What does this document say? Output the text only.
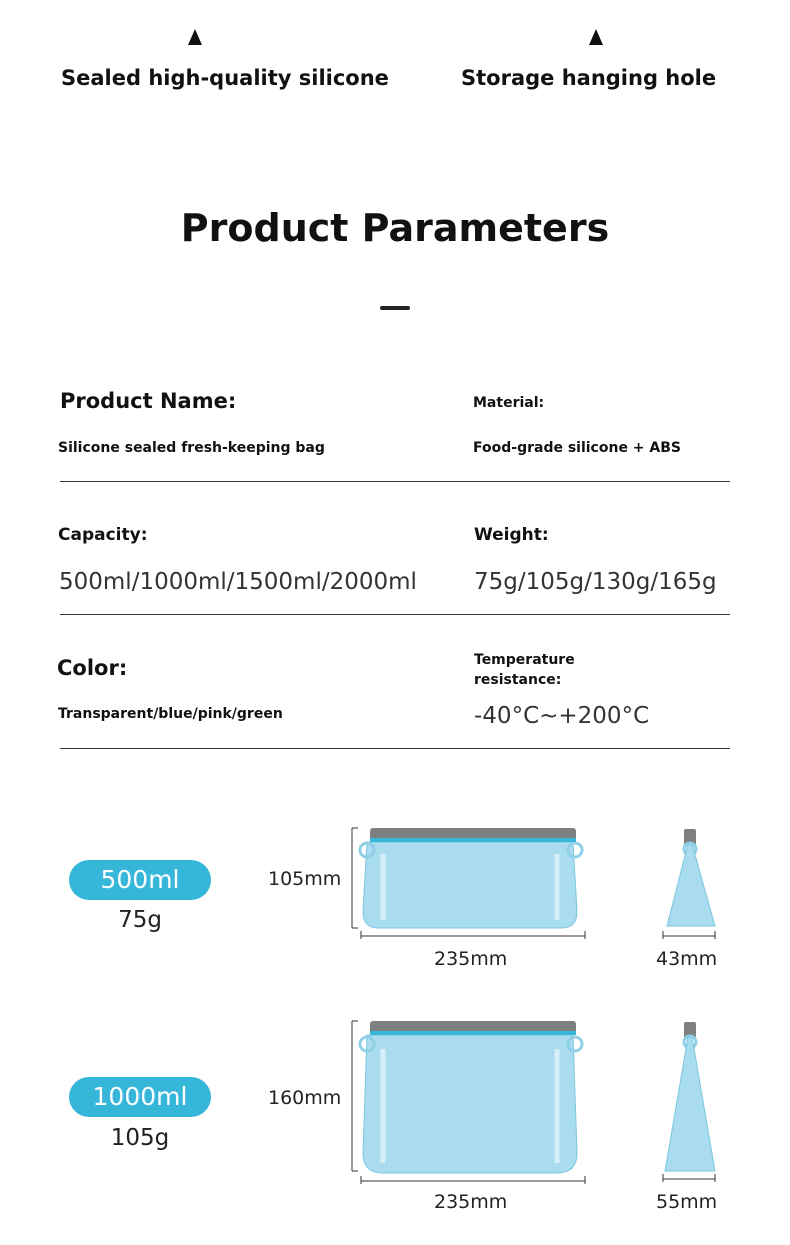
Sealed high-quality silicone	Storage hanging hole
Product Parameters
Product Name:
Silicone sealed fresh-keeping bag
Material:
Food-grade silicone + ABS
Capacity:
500ml/1000ml/1500ml/2000ml
Weight:
75g/105g/130g/165g
Color:
Transparent/blue/pink/green
Temperature
resistance:
-40°C~+200°C
500ml
75g
105mm
235mm	43mm
1000ml
105g
160mm
235mm	55mm
